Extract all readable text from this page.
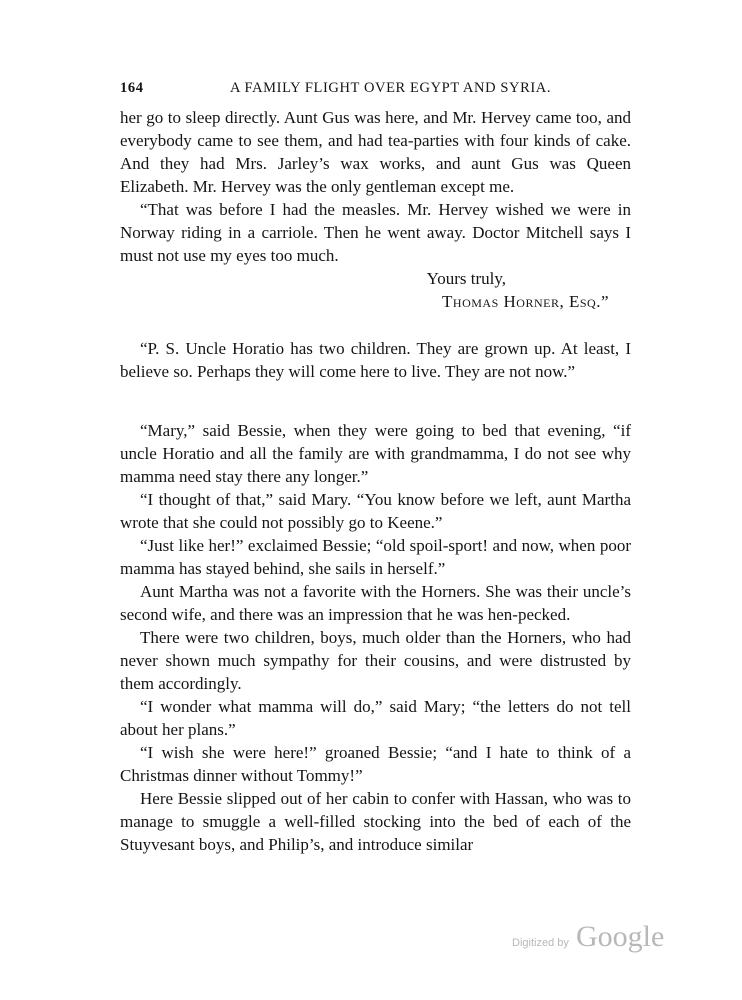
164	A FAMILY FLIGHT OVER EGYPT AND SYRIA.

her go to sleep directly. Aunt Gus was here, and Mr. Hervey came too, and everybody came to see them, and had tea-parties with four kinds of cake. And they had Mrs. Jarley’s wax works, and aunt Gus was Queen Elizabeth. Mr. Hervey was the only gentleman except me.

“That was before I had the measles. Mr. Hervey wished we were in Norway riding in a carriole. Then he went away. Doctor Mitchell says I must not use my eyes too much.

Yours truly,

Thomas Horner, Esq.”

“P. S. Uncle Horatio has two children. They are grown up. At least, I believe so. Perhaps they will come here to live. They are not now.”

“Mary,” said Bessie, when they were going to bed that evening, “if uncle Horatio and all the family are with grandmamma, I do not see why mamma need stay there any longer.”

“I thought of that,” said Mary. “You know before we left, aunt Martha wrote that she could not possibly go to Keene.”

“Just like her!” exclaimed Bessie; “old spoil-sport! and now, when poor mamma has stayed behind, she sails in herself.”

Aunt Martha was not a favorite with the Horners. She was their uncle’s second wife, and there was an impression that he was hen-pecked.

There were two children, boys, much older than the Horners, who had never shown much sympathy for their cousins, and were distrusted by them accordingly.

“I wonder what mamma will do,” said Mary; “the letters do not tell about her plans.”

“I wish she were here!” groaned Bessie; “and I hate to think of a Christmas dinner without Tommy!”

Here Bessie slipped out of her cabin to confer with Hassan, who was to manage to smuggle a well-filled stocking into the bed of each of the Stuyvesant boys, and Philip’s, and introduce similar

Digitized by Google
